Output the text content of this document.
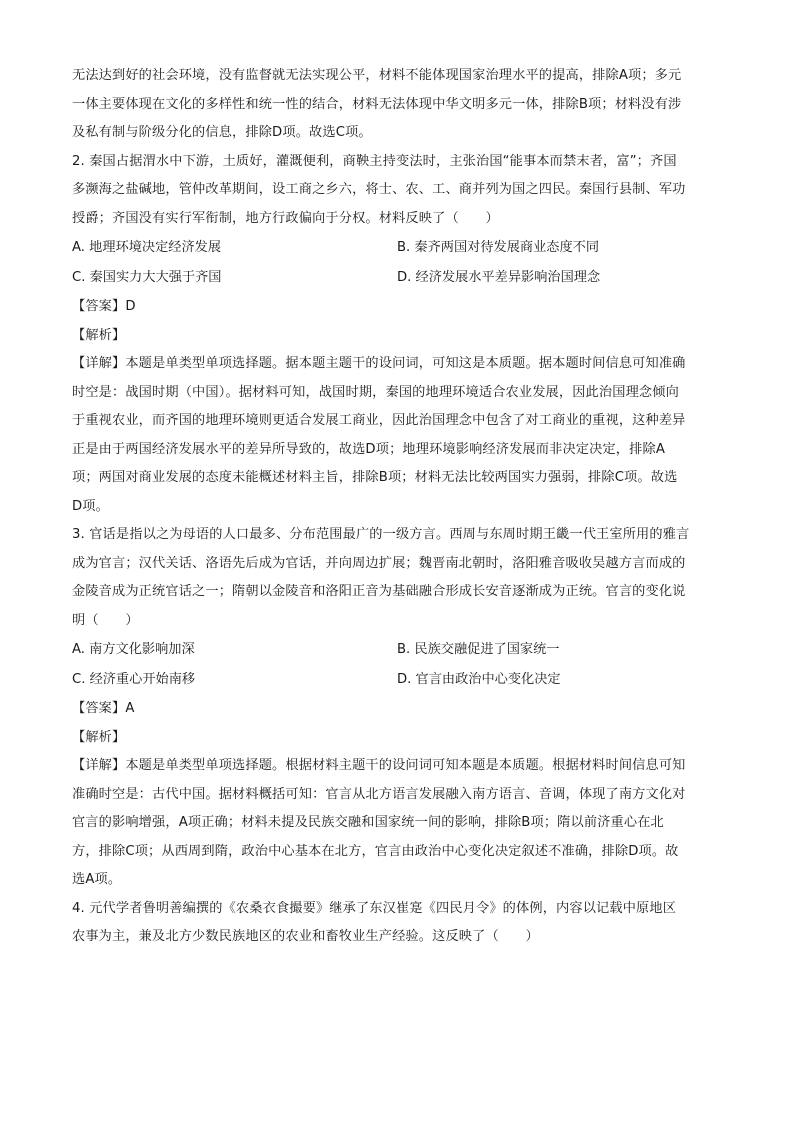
无法达到好的社会环境，没有监督就无法实现公平，材料不能体现国家治理水平的提高，排除A项；多元
一体主要体现在文化的多样性和统一性的结合，材料无法体现中华文明多元一体，排除B项；材料没有涉
及私有制与阶级分化的信息，排除D项。故选C项。
2. 秦国占据渭水中下游，土质好，灌溉便利，商鞅主持变法时，主张治国“能事本而禁末者，富”；齐国
多濒海之盐碱地，管仲改革期间，设工商之乡六，将士、农、工、商并列为国之四民。秦国行县制、军功
授爵；齐国没有实行军衔制，地方行政偏向于分权。材料反映了（　　）
A. 地理环境决定经济发展	B. 秦齐两国对待发展商业态度不同
C. 秦国实力大大强于齐国	D. 经济发展水平差异影响治国理念
【答案】D
【解析】
【详解】本题是单类型单项选择题。据本题主题干的设问词，可知这是本质题。据本题时间信息可知准确
时空是：战国时期（中国）。据材料可知，战国时期，秦国的地理环境适合农业发展，因此治国理念倾向
于重视农业，而齐国的地理环境则更适合发展工商业，因此治国理念中包含了对工商业的重视，这种差异
正是由于两国经济发展水平的差异所导致的，故选D项；地理环境影响经济发展而非决定决定，排除A
项；两国对商业发展的态度未能概述材料主旨，排除B项；材料无法比较两国实力强弱，排除C项。故选
D项。
3. 官话是指以之为母语的人口最多、分布范围最广的一级方言。西周与东周时期王畿一代王室所用的雅言
成为官言；汉代关话、洛语先后成为官话，并向周边扩展；魏晋南北朝时，洛阳雅音吸收吴越方言而成的
金陵音成为正统官话之一；隋朝以金陵音和洛阳正音为基础融合形成长安音逐渐成为正统。官言的变化说
明（　　）
A. 南方文化影响加深	B. 民族交融促进了国家统一
C. 经济重心开始南移	D. 官言由政治中心变化决定
【答案】A
【解析】
【详解】本题是单类型单项选择题。根据材料主题干的设问词可知本题是本质题。根据材料时间信息可知
准确时空是：古代中国。据材料概括可知：官言从北方语言发展融入南方语言、音调，体现了南方文化对
官言的影响增强，A项正确；材料未提及民族交融和国家统一间的影响，排除B项；隋以前济重心在北
方，排除C项；从西周到隋，政治中心基本在北方，官言由政治中心变化决定叙述不准确，排除D项。故
选A项。
4. 元代学者鲁明善编撰的《农桑衣食撮要》继承了东汉崔寔《四民月令》的体例，内容以记载中原地区
农事为主，兼及北方少数民族地区的农业和畜牧业生产经验。这反映了（　　）
